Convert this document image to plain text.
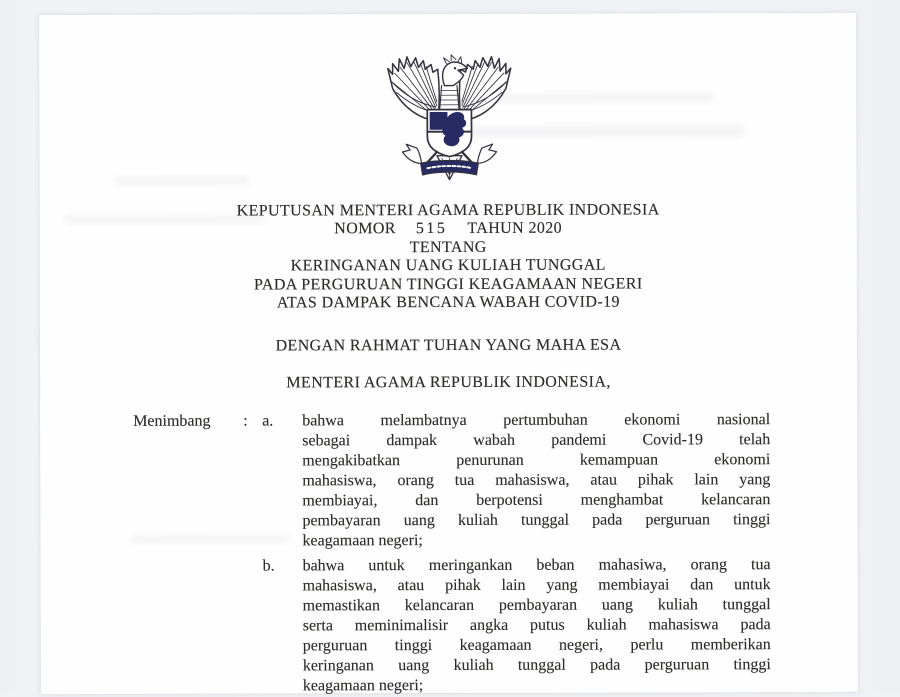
KEPUTUSAN MENTERI AGAMA REPUBLIK INDONESIA
NOMOR 515 TAHUN 2020
TENTANG
KERINGANAN UANG KULIAH TUNGGAL
PADA PERGURUAN TINGGI KEAGAMAAN NEGERI
ATAS DAMPAK BENCANA WABAH COVID-19
DENGAN RAHMAT TUHAN YANG MAHA ESA
MENTERI AGAMA REPUBLIK INDONESIA,
Menimbang	: a.	bahwa melambatnya pertumbuhan ekonomi nasional
sebagai dampak wabah pandemi Covid-19 telah
mengakibatkan penurunan kemampuan ekonomi
mahasiswa, orang tua mahasiswa, atau pihak lain yang
membiayai, dan berpotensi menghambat kelancaran
pembayaran uang kuliah tunggal pada perguruan tinggi
keagamaan negeri;
b.	bahwa untuk meringankan beban mahasiwa, orang tua
mahasiswa, atau pihak lain yang membiayai dan untuk
memastikan kelancaran pembayaran uang kuliah tunggal
serta meminimalisir angka putus kuliah mahasiswa pada
perguruan tinggi keagamaan negeri, perlu memberikan
keringanan uang kuliah tunggal pada perguruan tinggi
keagamaan negeri;
